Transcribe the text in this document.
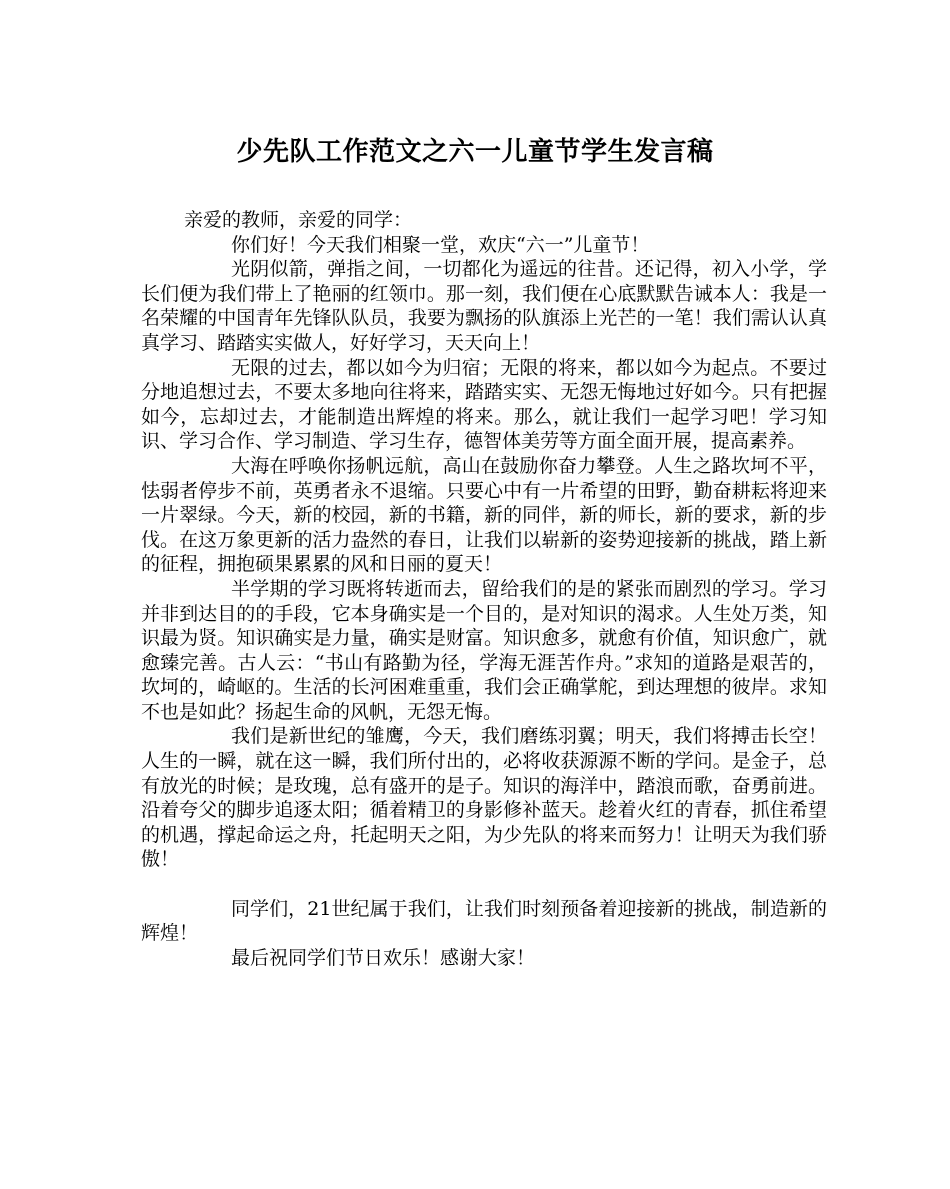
少先队工作范文之六一儿童节学生发言稿

亲爱的教师，亲爱的同学：

你们好！今天我们相聚一堂，欢庆“六一”儿童节！

光阴似箭，弹指之间，一切都化为遥远的往昔。还记得，初入小学，学长们便为我们带上了艳丽的红领巾。那一刻，我们便在心底默默告诫本人：我是一名荣耀的中国青年先锋队队员，我要为飘扬的队旗添上光芒的一笔！我们需认认真真学习、踏踏实实做人，好好学习，天天向上！

无限的过去，都以如今为归宿；无限的将来，都以如今为起点。不要过分地追想过去，不要太多地向往将来，踏踏实实、无怨无悔地过好如今。只有把握如今，忘却过去，才能制造出辉煌的将来。那么，就让我们一起学习吧！学习知识、学习合作、学习制造、学习生存，德智体美劳等方面全面开展，提高素养。

大海在呼唤你扬帆远航，高山在鼓励你奋力攀登。人生之路坎坷不平，怯弱者停步不前，英勇者永不退缩。只要心中有一片希望的田野，勤奋耕耘将迎来一片翠绿。今天，新的校园，新的书籍，新的同伴，新的师长，新的要求，新的步伐。在这万象更新的活力盎然的春日，让我们以崭新的姿势迎接新的挑战，踏上新的征程，拥抱硕果累累的风和日丽的夏天！

半学期的学习既将转逝而去，留给我们的是的紧张而剧烈的学习。学习并非到达目的的手段，它本身确实是一个目的，是对知识的渴求。人生处万类，知识最为贤。知识确实是力量，确实是财富。知识愈多，就愈有价值，知识愈广，就愈臻完善。古人云：“书山有路勤为径，学海无涯苦作舟。”求知的道路是艰苦的，坎坷的，崎岖的。生活的长河困难重重，我们会正确掌舵，到达理想的彼岸。求知不也是如此？扬起生命的风帆，无怨无悔。

我们是新世纪的雏鹰，今天，我们磨练羽翼；明天，我们将搏击长空！人生的一瞬，就在这一瞬，我们所付出的，必将收获源源不断的学问。是金子，总有放光的时候；是玫瑰，总有盛开的是子。知识的海洋中，踏浪而歌，奋勇前进。沿着夸父的脚步追逐太阳；循着精卫的身影修补蓝天。趁着火红的青春，抓住希望的机遇，撑起命运之舟，托起明天之阳，为少先队的将来而努力！让明天为我们骄傲！

同学们，21世纪属于我们，让我们时刻预备着迎接新的挑战，制造新的辉煌！

最后祝同学们节日欢乐！感谢大家！
